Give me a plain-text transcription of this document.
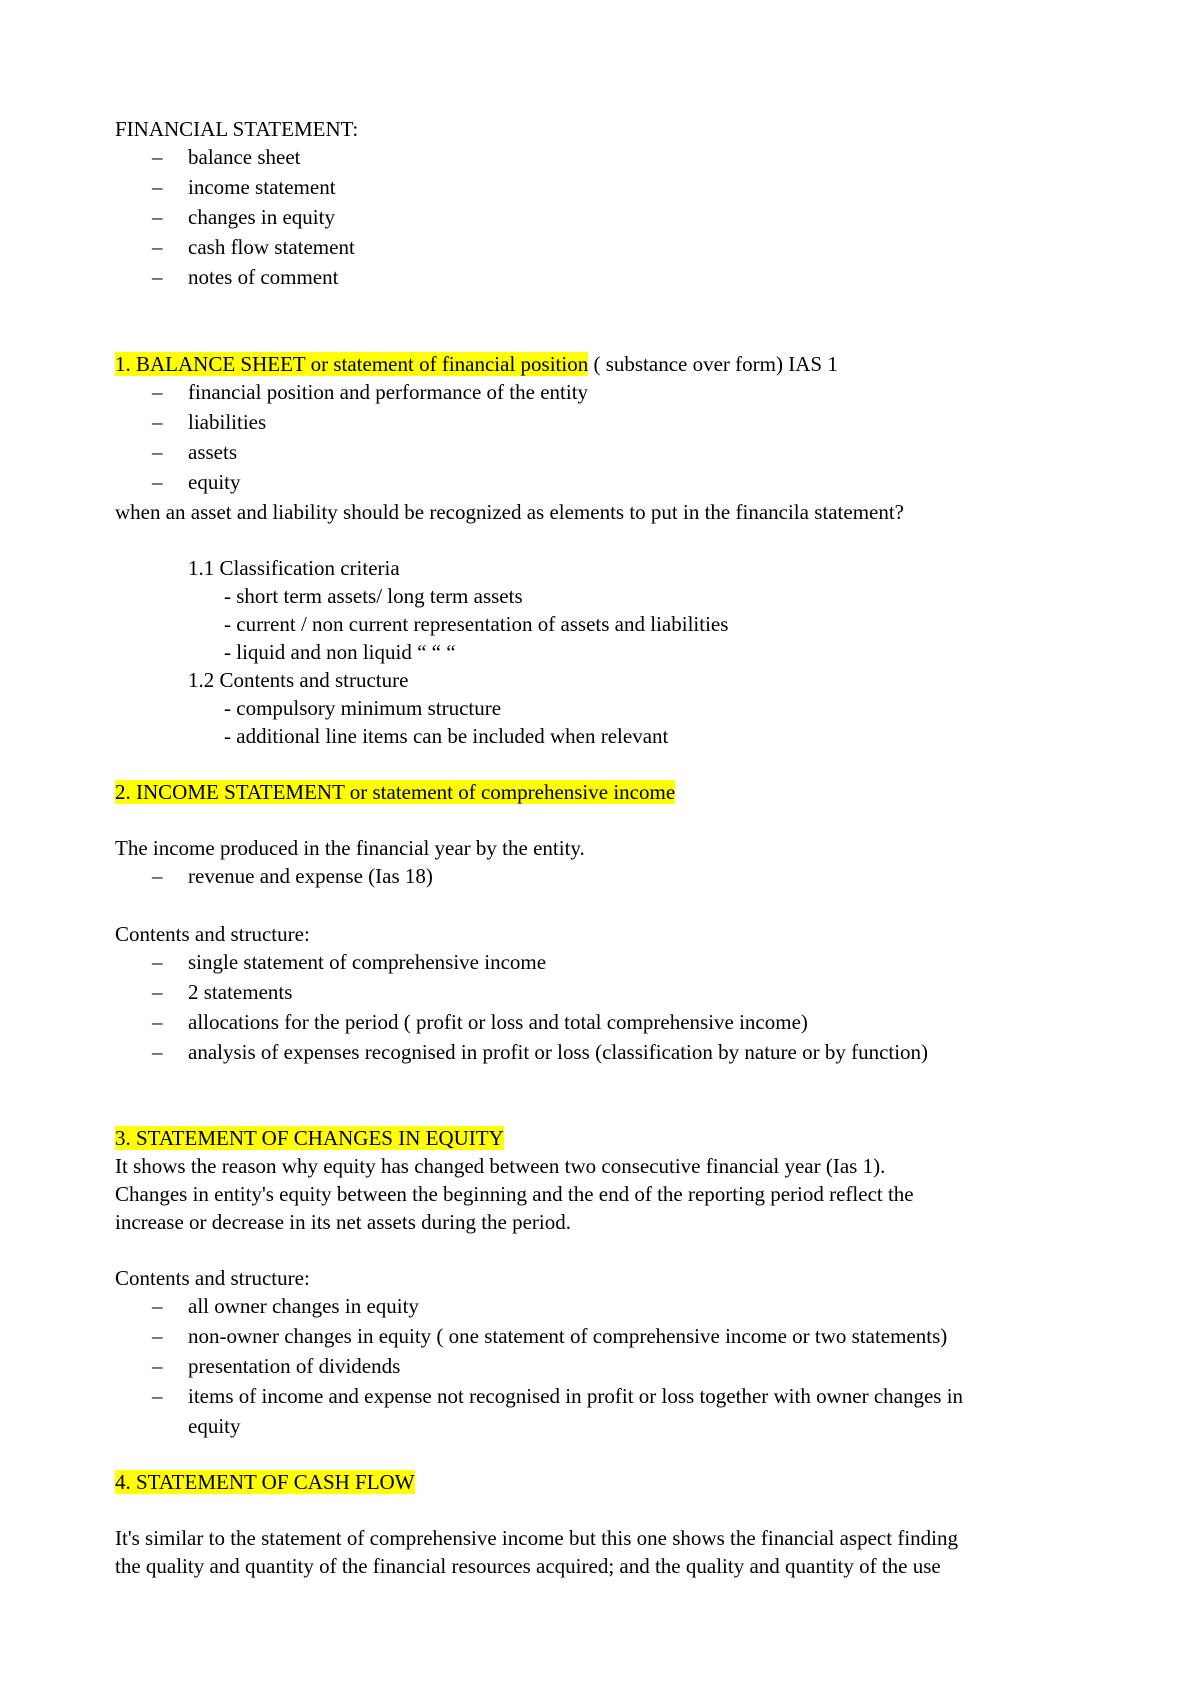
FINANCIAL STATEMENT:
– balance sheet
– income statement
– changes in equity
– cash flow statement
– notes of comment
1. BALANCE SHEET or statement of financial position ( substance over form) IAS 1
– financial position and performance of the entity
– liabilities
– assets
– equity
when an asset and liability should be recognized as elements to put in the financila statement?
1.1 Classification criteria
- short term assets/ long term assets
- current / non current representation of assets and liabilities
- liquid and non liquid “ “ “
1.2 Contents and structure
- compulsory minimum structure
- additional line items can be included when relevant
2. INCOME STATEMENT or statement of comprehensive income
The income produced in the financial year by the entity.
– revenue and expense (Ias 18)
Contents and structure:
– single statement of comprehensive income
– 2 statements
– allocations for the period ( profit or loss and total comprehensive income)
– analysis of expenses recognised in profit or loss (classification by nature or by function)
3. STATEMENT OF CHANGES IN EQUITY
It shows the reason why equity has changed between two consecutive financial year (Ias 1).
Changes in entity's equity between the beginning and the end of the reporting period reflect the
increase or decrease in its net assets during the period.
Contents and structure:
– all owner changes in equity
– non-owner changes in equity ( one statement of comprehensive income or two statements)
– presentation of dividends
– items of income and expense not recognised in profit or loss together with owner changes in
equity
4. STATEMENT OF CASH FLOW
It's similar to the statement of comprehensive income but this one shows the financial aspect finding
the quality and quantity of the financial resources acquired; and the quality and quantity of the use
